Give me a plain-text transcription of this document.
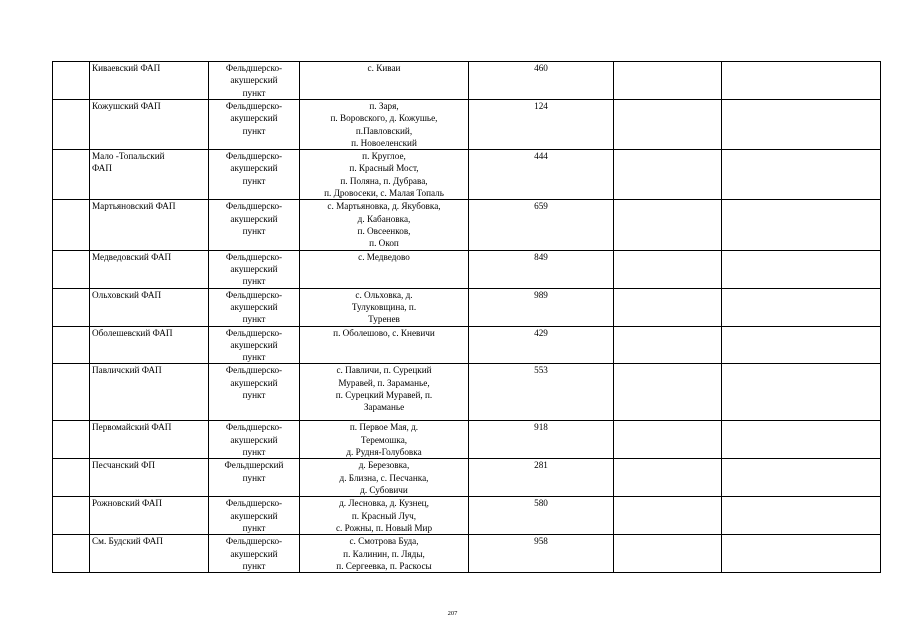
	Киваевский ФАП	Фельдшерско-
акушерский
пункт	с. Киваи	460		

	Кожушский ФАП	Фельдшерско-
акушерский
пункт	п. Заря,
п. Воровского, д. Кожушье,
п.Павловский,
п. Новоеленский	124		

	Мало -Топальский
ФАП	Фельдшерско-
акушерский
пункт	п. Круглое,
п. Красный Мост,
п. Поляна, п. Дубрава,
п. Дровосеки, с. Малая Топаль	444		

	Мартьяновский ФАП	Фельдшерско-
акушерский
пункт	с. Мартьяновка, д. Якубовка,
д. Кабановка,
п. Овсеенков,
п. Окоп	659		

	Медведовский ФАП	Фельдшерско-
акушерский
пункт	с. Медведово	849		

	Ольховский ФАП	Фельдшерско-
акушерский
пункт	с. Ольховка, д.
Тулуковщина, п.
Туренев	989		

	Оболешевский ФАП	Фельдшерско-
акушерский
пункт	п. Оболешово, с. Кневичи	429		

	Павличский ФАП	Фельдшерско-
акушерский
пункт	с. Павличи, п. Сурецкий
Муравей, п. Зараманье,
п. Сурецкий Муравей, п.
Зараманье	553		

	Первомайский ФАП	Фельдшерско-
акушерский
пункт	п. Первое Мая, д.
Теремошка,
д. Рудня-Голубовка	918		

	Песчанский ФП	Фельдшерский
пункт	д. Березовка,
д. Близна, с. Песчанка,
д. Субовичи	281		

	Рожновский ФАП	Фельдшерско-
акушерский
пункт	д. Лесновка, д. Кузнец,
п. Красный Луч,
с. Рожны, п. Новый Мир	580		

	См. Будский ФАП	Фельдшерско-
акушерский
пункт	с. Смотрова Буда,
п. Калинин, п. Ляды,
п. Сергеевка, п. Раскосы	958		

207
